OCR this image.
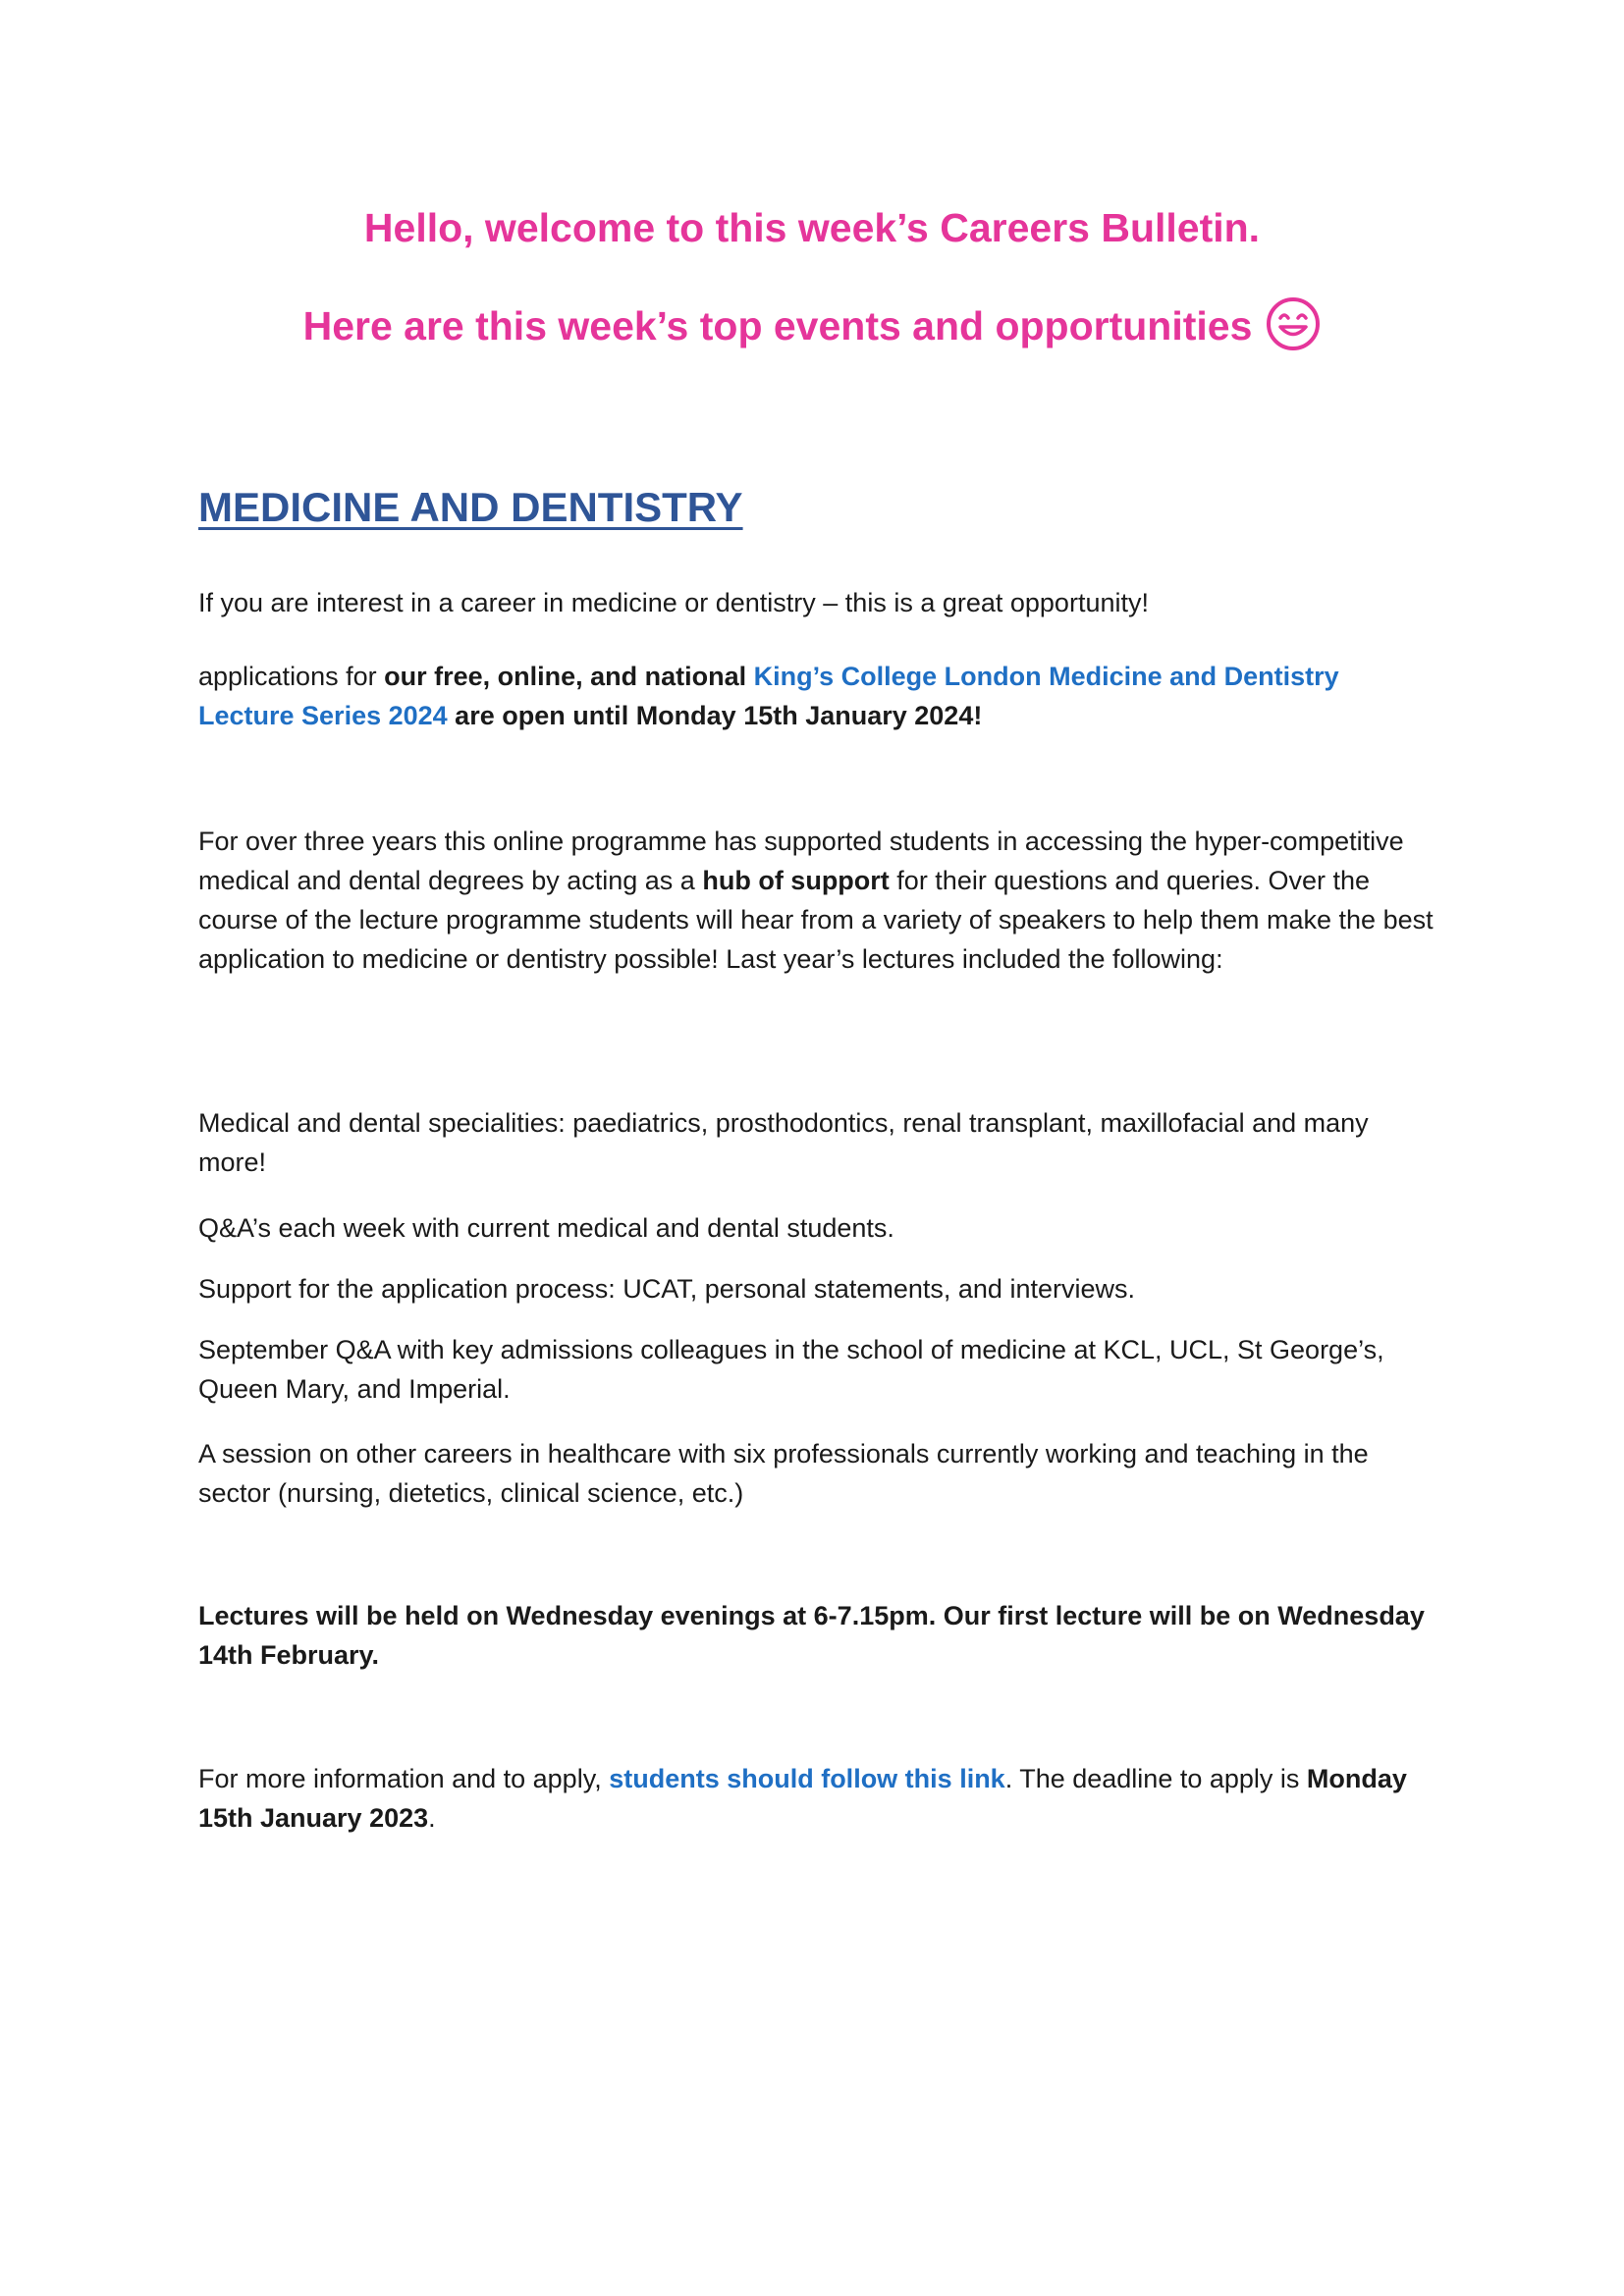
Hello, welcome to this week’s Careers Bulletin.
Here are this week’s top events and opportunities
MEDICINE AND DENTISTRY

If you are interest in a career in medicine or dentistry – this is a great opportunity!

applications for our free, online, and national King’s College London Medicine and Dentistry Lecture Series 2024 are open until Monday 15th January 2024!

For over three years this online programme has supported students in accessing the hyper-competitive medical and dental degrees by acting as a hub of support for their questions and queries. Over the course of the lecture programme students will hear from a variety of speakers to help them make the best application to medicine or dentistry possible! Last year’s lectures included the following:

Medical and dental specialities: paediatrics, prosthodontics, renal transplant, maxillofacial and many more!

Q&A’s each week with current medical and dental students.

Support for the application process: UCAT, personal statements, and interviews.

September Q&A with key admissions colleagues in the school of medicine at KCL, UCL, St George’s, Queen Mary, and Imperial.

A session on other careers in healthcare with six professionals currently working and teaching in the sector (nursing, dietetics, clinical science, etc.)

Lectures will be held on Wednesday evenings at 6-7.15pm. Our first lecture will be on Wednesday 14th February.

For more information and to apply, students should follow this link. The deadline to apply is Monday 15th January 2023.
